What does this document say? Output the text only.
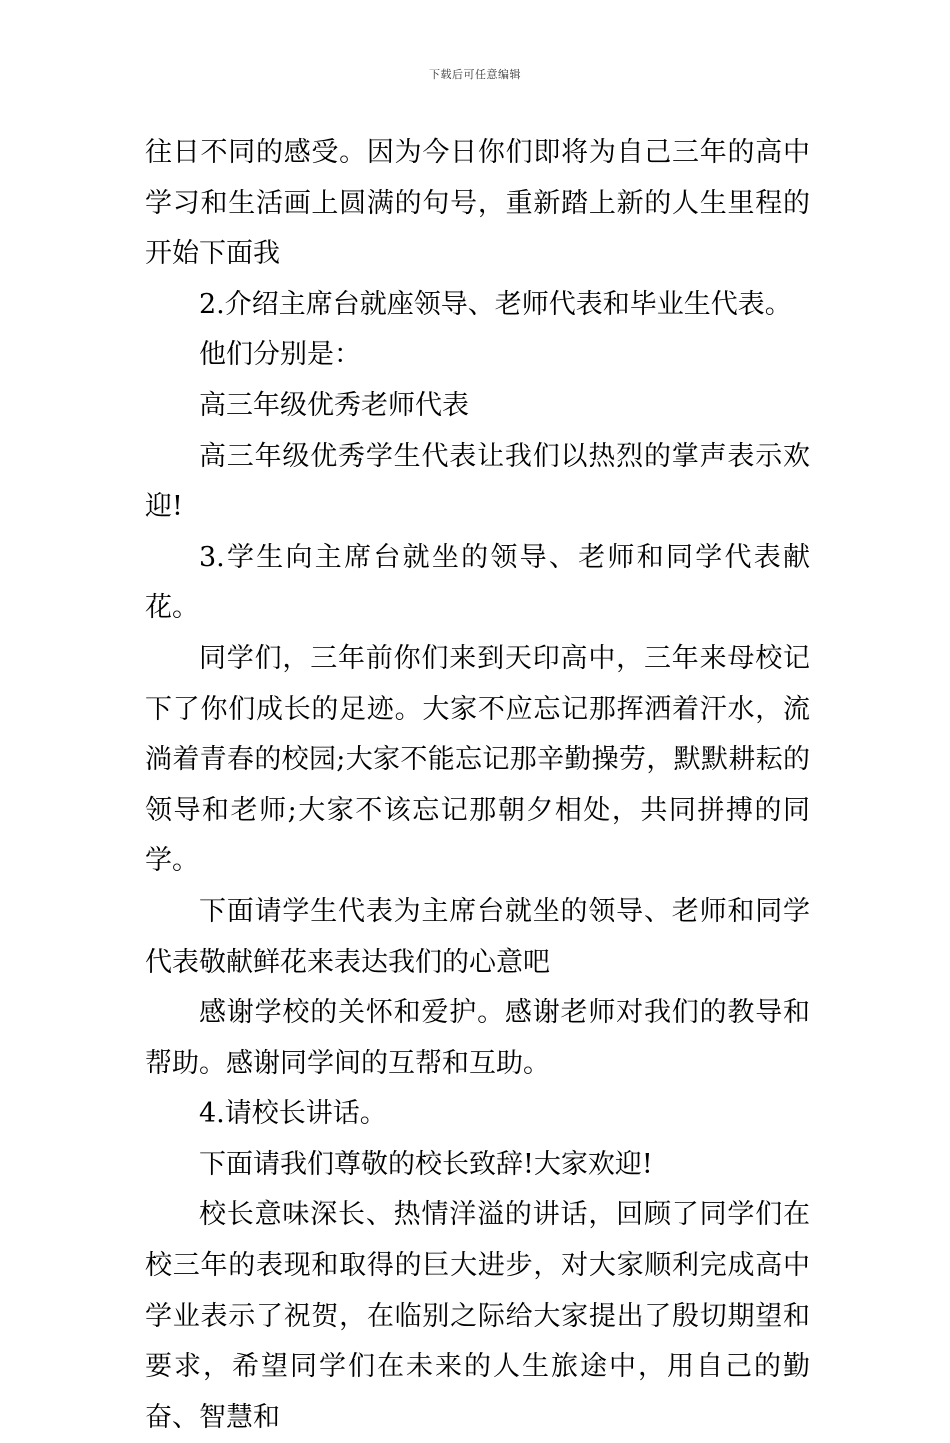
下载后可任意编辑

往日不同的感受。因为今日你们即将为自己三年的高中学习和生活画上圆满的句号，重新踏上新的人生里程的开始下面我

2.介绍主席台就座领导、老师代表和毕业生代表。

他们分别是：

高三年级优秀老师代表

高三年级优秀学生代表让我们以热烈的掌声表示欢迎!

3.学生向主席台就坐的领导、老师和同学代表献花。

同学们，三年前你们来到天印高中，三年来母校记下了你们成长的足迹。大家不应忘记那挥洒着汗水，流淌着青春的校园;大家不能忘记那辛勤操劳，默默耕耘的领导和老师;大家不该忘记那朝夕相处，共同拼搏的同学。

下面请学生代表为主席台就坐的领导、老师和同学代表敬献鲜花来表达我们的心意吧

感谢学校的关怀和爱护。感谢老师对我们的教导和帮助。感谢同学间的互帮和互助。

4.请校长讲话。

下面请我们尊敬的校长致辞!大家欢迎!

校长意味深长、热情洋溢的讲话，回顾了同学们在校三年的表现和取得的巨大进步，对大家顺利完成高中学业表示了祝贺，在临别之际给大家提出了殷切期望和要求，希望同学们在未来的人生旅途中，用自己的勤奋、智慧和
